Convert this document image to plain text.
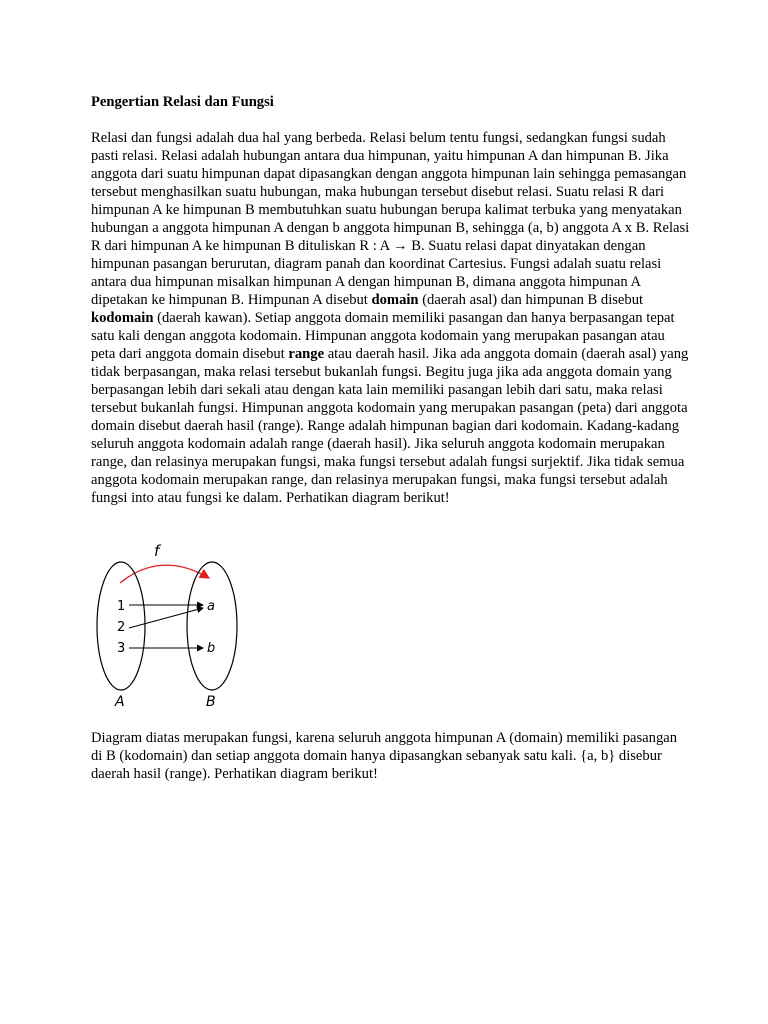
Pengertian Relasi dan Fungsi

Relasi dan fungsi adalah dua hal yang berbeda. Relasi belum tentu fungsi, sedangkan fungsi sudah pasti relasi. Relasi adalah hubungan antara dua himpunan, yaitu himpunan A dan himpunan B. Jika anggota dari suatu himpunan dapat dipasangkan dengan anggota himpunan lain sehingga pemasangan tersebut menghasilkan suatu hubungan, maka hubungan tersebut disebut relasi. Suatu relasi R dari himpunan A ke himpunan B membutuhkan suatu hubungan berupa kalimat terbuka yang menyatakan hubungan a anggota himpunan A dengan b anggota himpunan B, sehingga (a, b) anggota A x B. Relasi R dari himpunan A ke himpunan B dituliskan R : A → B. Suatu relasi dapat dinyatakan dengan himpunan pasangan berurutan, diagram panah dan koordinat Cartesius. Fungsi adalah suatu relasi antara dua himpunan misalkan himpunan A dengan himpunan B, dimana anggota himpunan A dipetakan ke himpunan B. Himpunan A disebut domain (daerah asal) dan himpunan B disebut kodomain (daerah kawan). Setiap anggota domain memiliki pasangan dan hanya berpasangan tepat satu kali dengan anggota kodomain. Himpunan anggota kodomain yang merupakan pasangan atau peta dari anggota domain disebut range atau daerah hasil. Jika ada anggota domain (daerah asal) yang tidak berpasangan, maka relasi tersebut bukanlah fungsi. Begitu juga jika ada anggota domain yang berpasangan lebih dari sekali atau dengan kata lain memiliki pasangan lebih dari satu, maka relasi tersebut bukanlah fungsi. Himpunan anggota kodomain yang merupakan pasangan (peta) dari anggota domain disebut daerah hasil (range). Range adalah himpunan bagian dari kodomain. Kadang-kadang seluruh anggota kodomain adalah range (daerah hasil). Jika seluruh anggota kodomain merupakan range, dan relasinya merupakan fungsi, maka fungsi tersebut adalah fungsi surjektif. Jika tidak semua anggota kodomain merupakan range, dan relasinya merupakan fungsi, maka fungsi tersebut adalah fungsi into atau fungsi ke dalam. Perhatikan diagram berikut!

f
1
2
3
a
b
A	B

Diagram diatas merupakan fungsi, karena seluruh anggota himpunan A (domain) memiliki pasangan di B (kodomain) dan setiap anggota domain hanya dipasangkan sebanyak satu kali. {a, b} disebur daerah hasil (range). Perhatikan diagram berikut!
